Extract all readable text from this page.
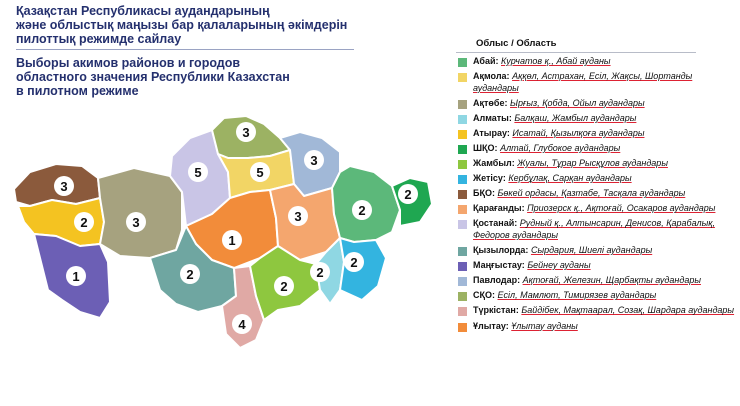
Қазақстан Республикасы аудандарының
және облыстық маңызы бар қалаларының әкімдерін
пилоттық режимде сайлау
Выборы акимов районов и городов
областного значения Республики Казахстан
в пилотном режиме
3
2	3
1
5
3
5
3
1
3	2
2
2
4
2
2
2
Облыс / Область
Абай: Курчатов қ., Абай ауданы
Ақмола: Аққөл, Астрахан, Есіл, Жақсы, Шортанды аудандары
Ақтөбе: Ырғыз, Қобда, Ойыл аудандары
Алматы: Балқаш, Жамбыл аудандары
Атырау: Исатай, Қызылқоға аудандары
ШҚО: Алтай, Глубокое аудандары
Жамбыл: Жуалы, Тұрар Рысқұлов аудандары
Жетісу: Кербұлақ, Сарқан аудандары
БҚО: Бөкей ордасы, Қазтабе, Тасқала аудандары
Қарағанды: Приозерск қ., Ақтоғай, Осакаров аудандары
Қостанай: Рудный қ., Алтынсарин, Денисов, Қарабалық, Федоров аудандары
Қызылорда: Сырдария, Шиелі аудандары
Маңғыстау: Бейнеу ауданы
Павлодар: Ақтоғай, Железин, Щарбақты аудандары
СҚО: Есіл, Мамлют, Тимирязев аудандары
Түркістан: Байдібек, Мақтаарал, Созақ, Шардара аудандары
Ұлытау: Ұлытау ауданы
